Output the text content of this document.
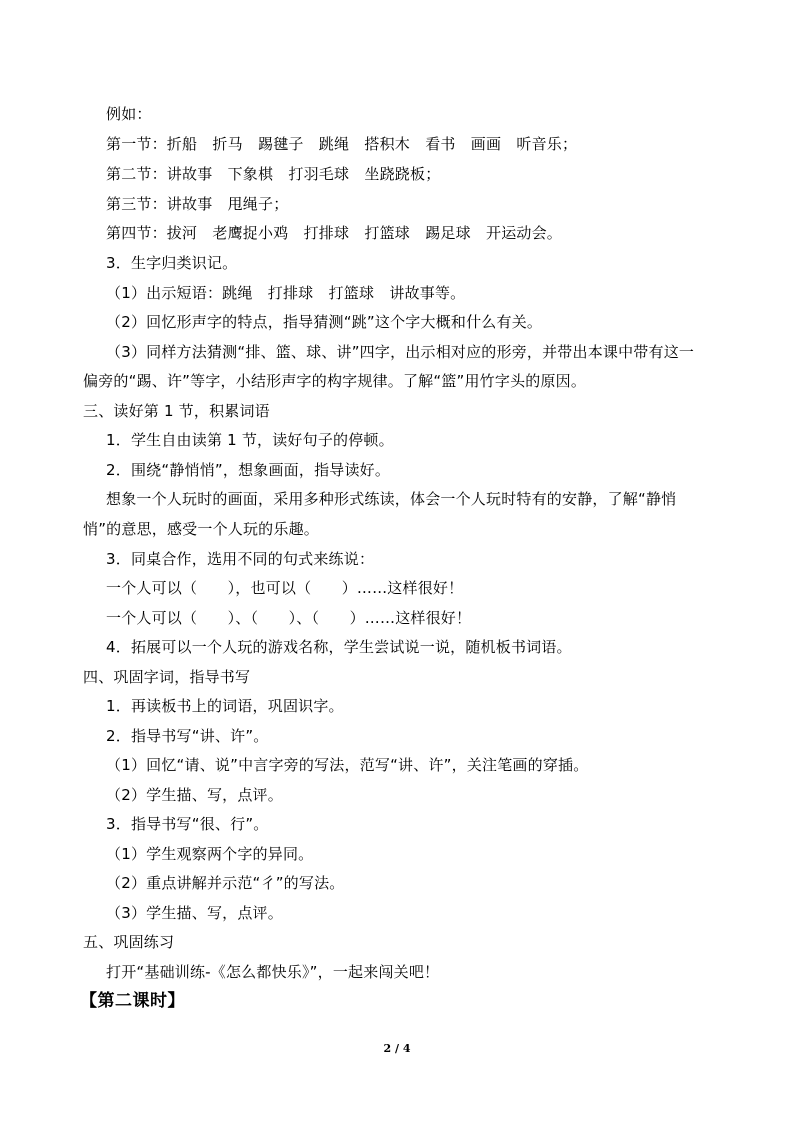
例如：
第一节：折船　折马　踢毽子　跳绳　搭积木　看书　画画　听音乐；
第二节：讲故事　下象棋　打羽毛球　坐跷跷板；
第三节：讲故事　甩绳子；
第四节：拔河　老鹰捉小鸡　打排球　打篮球　踢足球　开运动会。
3．生字归类识记。
（1）出示短语：跳绳　打排球　打篮球　讲故事等。
（2）回忆形声字的特点，指导猜测“跳”这个字大概和什么有关。
（3）同样方法猜测“排、篮、球、讲”四字，出示相对应的形旁，并带出本课中带有这一
偏旁的“踢、许”等字，小结形声字的构字规律。了解“篮”用竹字头的原因。
三、读好第 1 节，积累词语
1．学生自由读第 1 节，读好句子的停顿。
2．围绕“静悄悄”，想象画面，指导读好。
想象一个人玩时的画面，采用多种形式练读，体会一个人玩时特有的安静，了解“静悄
悄”的意思，感受一个人玩的乐趣。
3．同桌合作，选用不同的句式来练说：
一个人可以（　　），也可以（　　）……这样很好！
一个人可以（　　）、（　　）、（　　）……这样很好！
4．拓展可以一个人玩的游戏名称，学生尝试说一说，随机板书词语。
四、巩固字词，指导书写
1．再读板书上的词语，巩固识字。
2．指导书写“讲、许”。
（1）回忆“请、说”中言字旁的写法，范写“讲、许”，关注笔画的穿插。
（2）学生描、写，点评。
3．指导书写“很、行”。
（1）学生观察两个字的异同。
（2）重点讲解并示范“彳”的写法。
（3）学生描、写，点评。
五、巩固练习
打开“基础训练-《怎么都快乐》”，一起来闯关吧！
【第二课时】
2 / 4
